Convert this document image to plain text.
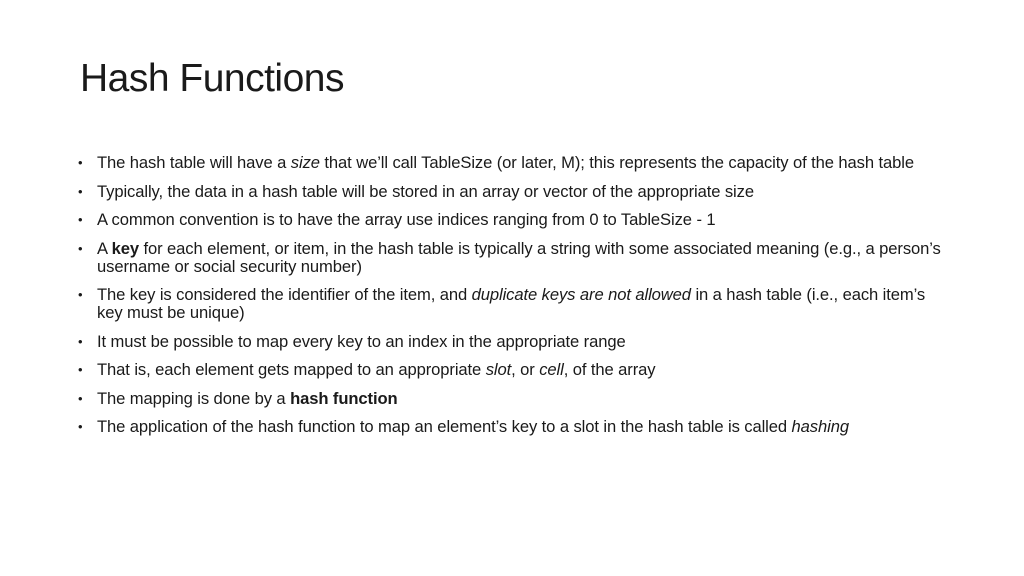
Hash Functions
• The hash table will have a size that we’ll call TableSize (or later, M); this represents the capacity of the hash table
• Typically, the data in a hash table will be stored in an array or vector of the appropriate size
• A common convention is to have the array use indices ranging from 0 to TableSize - 1
• A key for each element, or item, in the hash table is typically a string with some associated meaning (e.g., a person’s username or social security number)
• The key is considered the identifier of the item, and duplicate keys are not allowed in a hash table (i.e., each item’s key must be unique)
• It must be possible to map every key to an index in the appropriate range
• That is, each element gets mapped to an appropriate slot, or cell, of the array
• The mapping is done by a hash function
• The application of the hash function to map an element’s key to a slot in the hash table is called hashing
